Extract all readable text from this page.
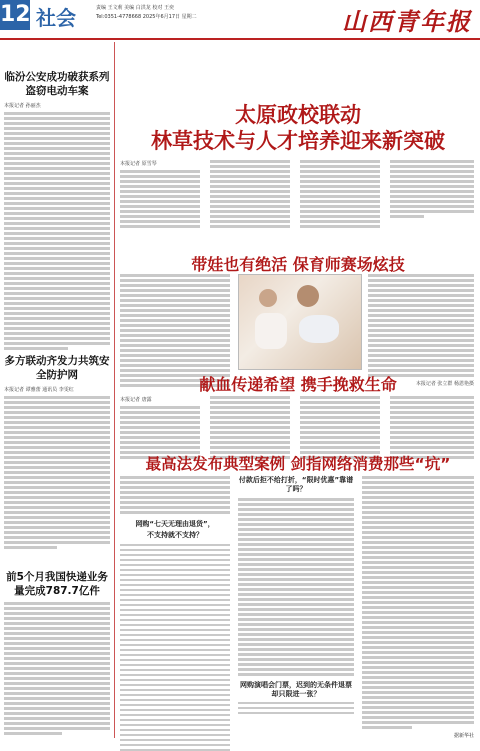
12 社会	责编 王文莉 美编 白洪龙 校对 王奕
Tel:0351-4778668 2025年6月17日 星期二	山西青年报
临汾公安成功破获系列盗窃电动车案
本报记者 孙丽杰
多方联动齐发力共筑安全防护网
本报记者 谭雅蕾 通讯员 李雯红
前5个月我国快递业务量完成787.7亿件
太原政校联动
林草技术与人才培养迎来新突破
本报记者 原雪琴
带娃也有绝活 保育师赛场炫技
本报记者 张立群 杨恩艳摄
献血传递希望 携手挽救生命
本报记者 唐露
最高法发布典型案例 剑指网络消费那些“坑”
网购“七天无理由退货”，
不支持就不支持？
付款后拒不给打折，“限时优惠”靠谱了吗？
网购演唱会门票，迟到的无条件退票却只限进一张？
据新华社
